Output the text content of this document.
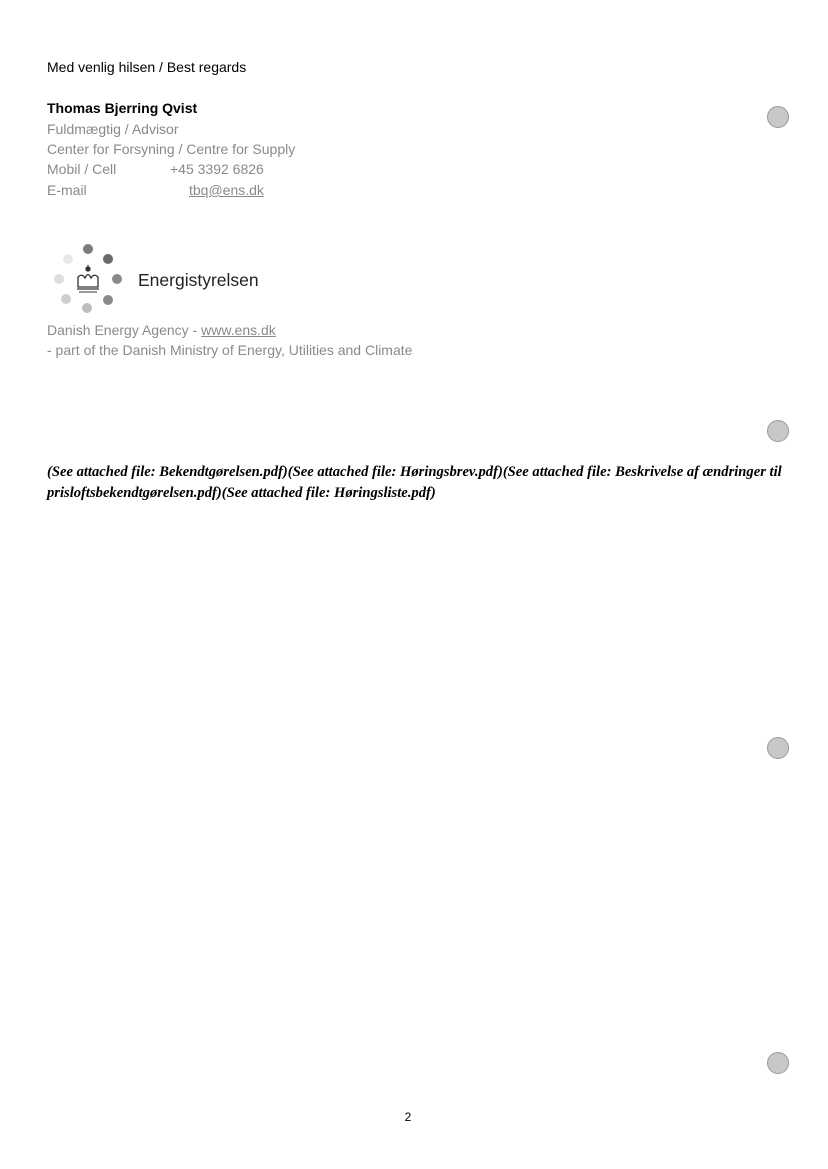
Med venlig hilsen / Best regards
Thomas Bjerring Qvist
Fuldmægtig / Advisor
Center for Forsyning / Centre for Supply
Mobil / Cell	+45 3392 6826
E-mail	tbq@ens.dk
Energistyrelsen
Danish Energy Agency - www.ens.dk
- part of the Danish Ministry of Energy, Utilities and Climate
(See attached file: Bekendtgørelsen.pdf)(See attached file: Høringsbrev.pdf)(See attached file: Beskrivelse af ændringer til prisloftsbekendtgørelsen.pdf)(See attached file: Høringsliste.pdf)
2
